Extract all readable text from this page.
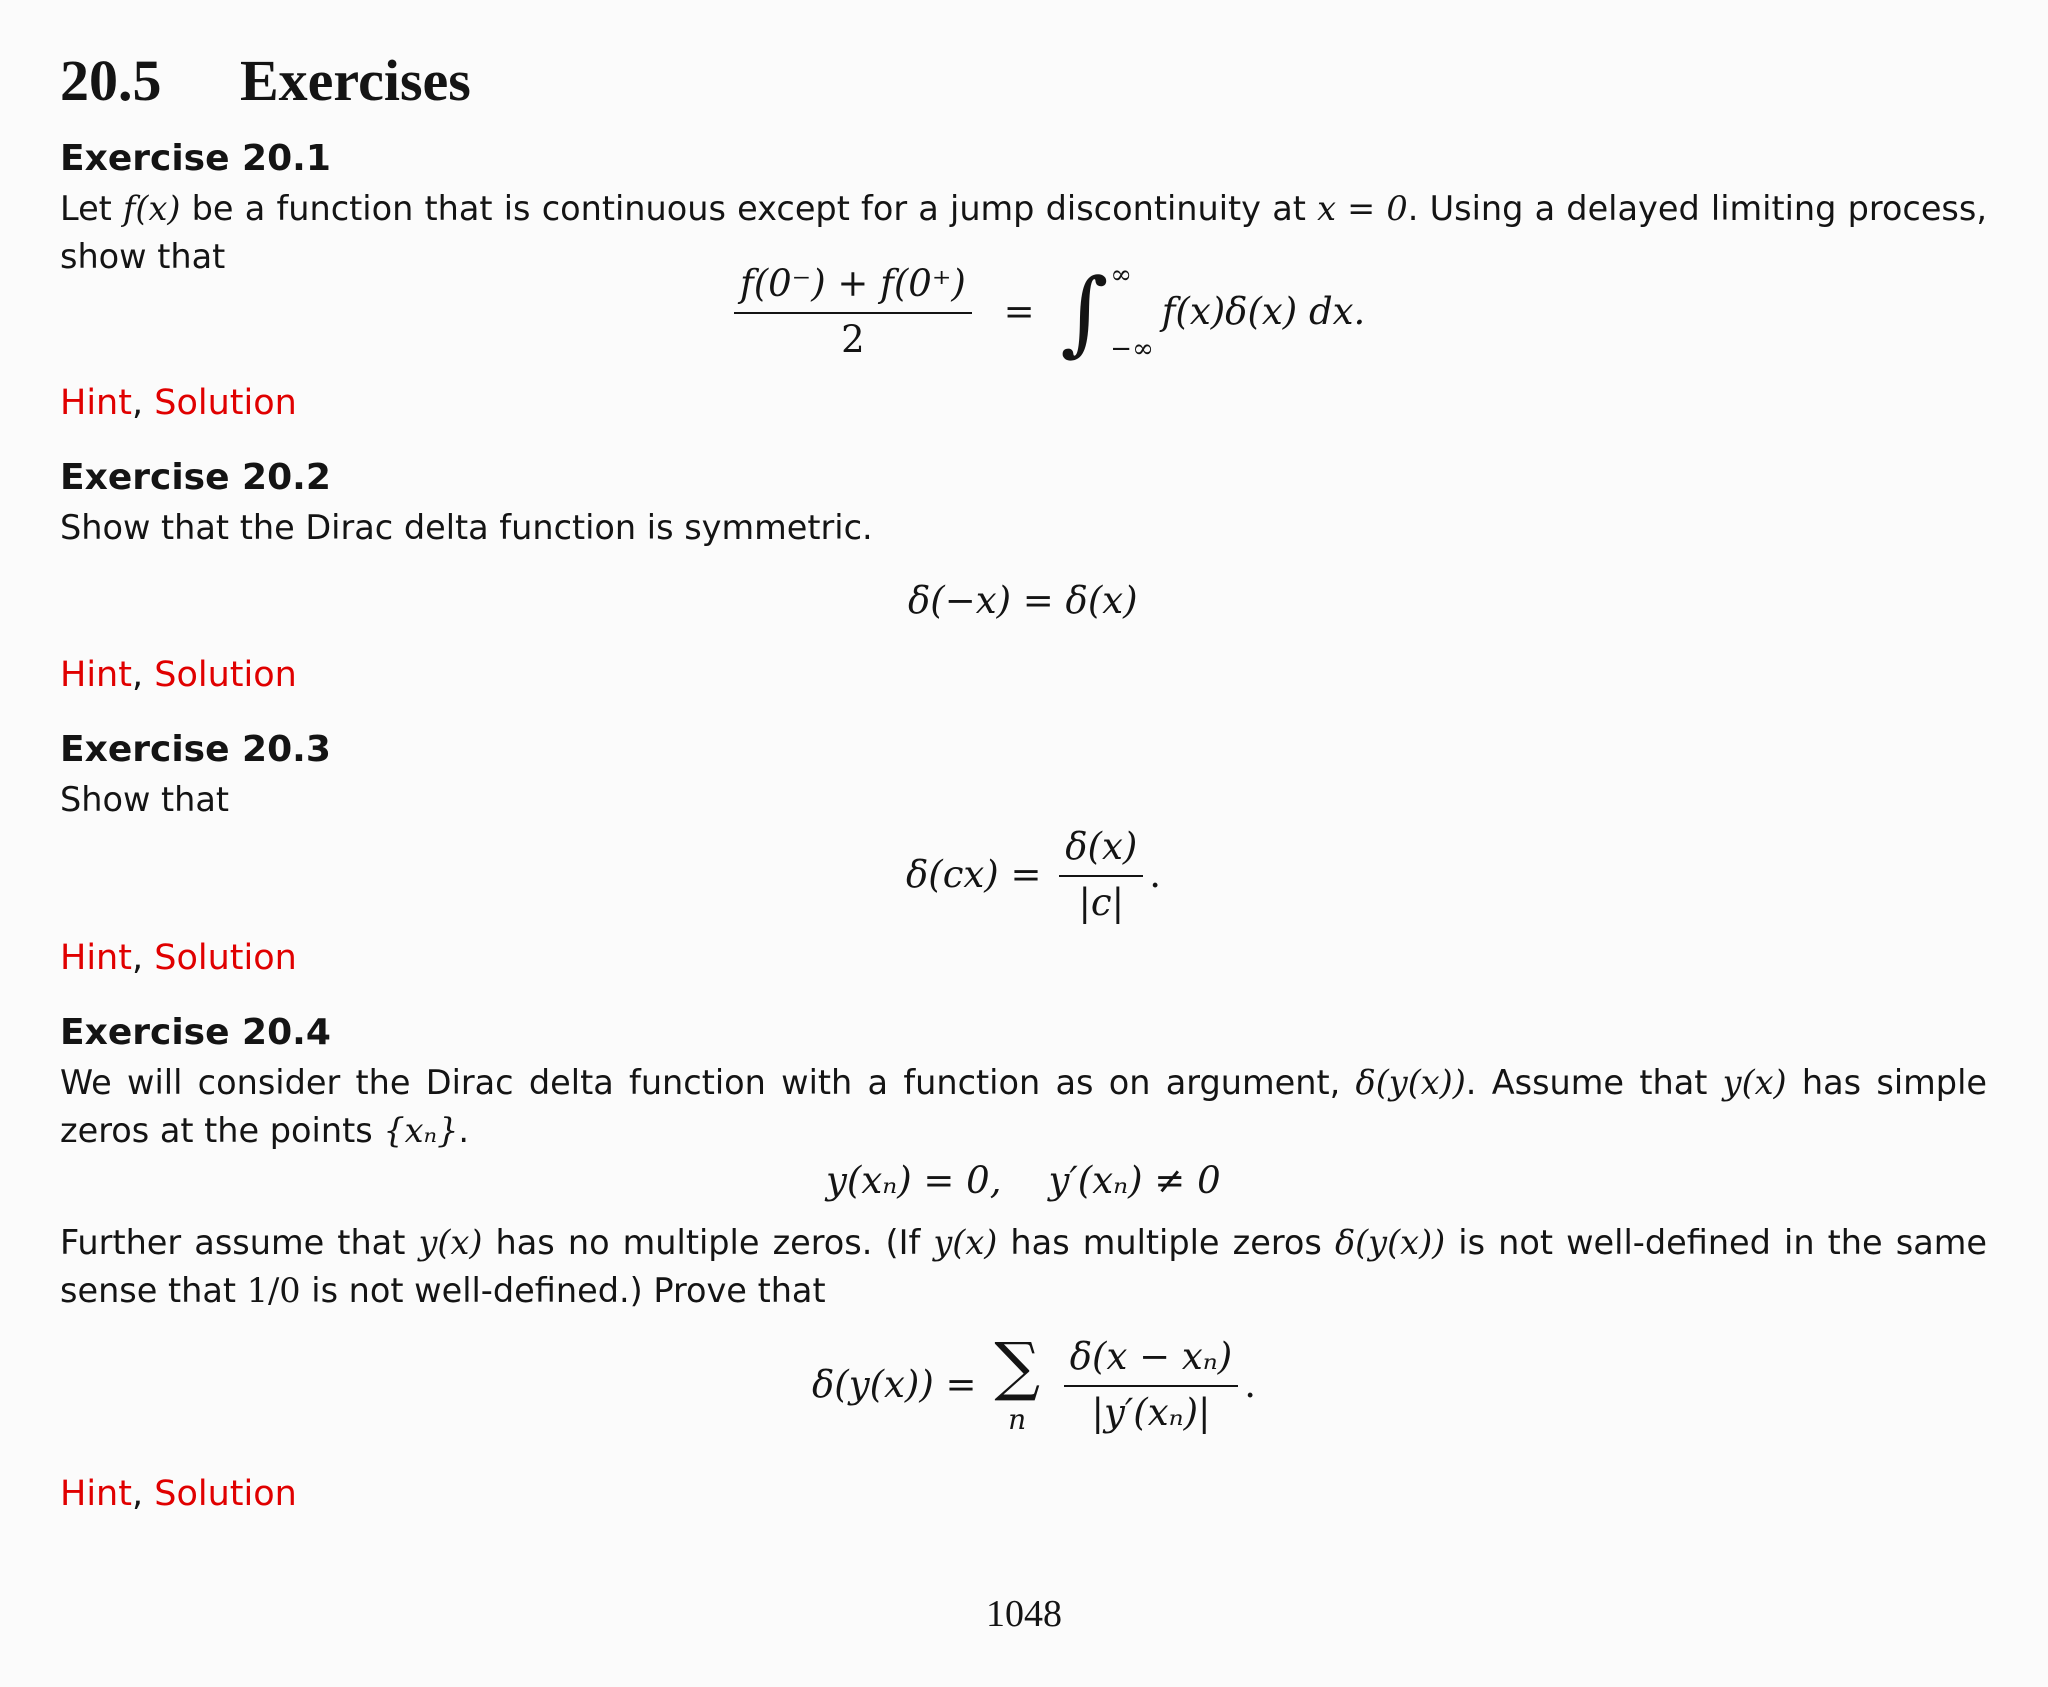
20.5 Exercises
Exercise 20.1

Let f(x) be a function that is continuous except for a jump discontinuity at x = 0. Using a delayed limiting process, show that

$\frac{f(0^-) + f(0^+)}{2}$ = ∫ ∞
−∞
f(x)δ(x) dx.
Hint, Solution
Exercise 20.2

Show that the Dirac delta function is symmetric.

δ(−x) = δ(x)
Hint, Solution
Exercise 20.3

Show that

$\delta(cx) = \frac{\delta(x)}{|c|}$ .
Hint, Solution
Exercise 20.4

We will consider the Dirac delta function with a function as on argument, δ(y(x)). Assume that y(x) has simple zeros at the points {xₙ}.

y(xₙ) = 0,    y′(xₙ) ≠ 0

Further assume that y(x) has no multiple zeros. (If y(x) has multiple zeros δ(y(x)) is not well-defined in the same sense that 1/0 is not well-defined.) Prove that

δ(y(x)) = ∑
n
$\frac{\text{δ(x − xₙ)}}{\text{|y′(xₙ)|}}$ .
Hint, Solution
1048
